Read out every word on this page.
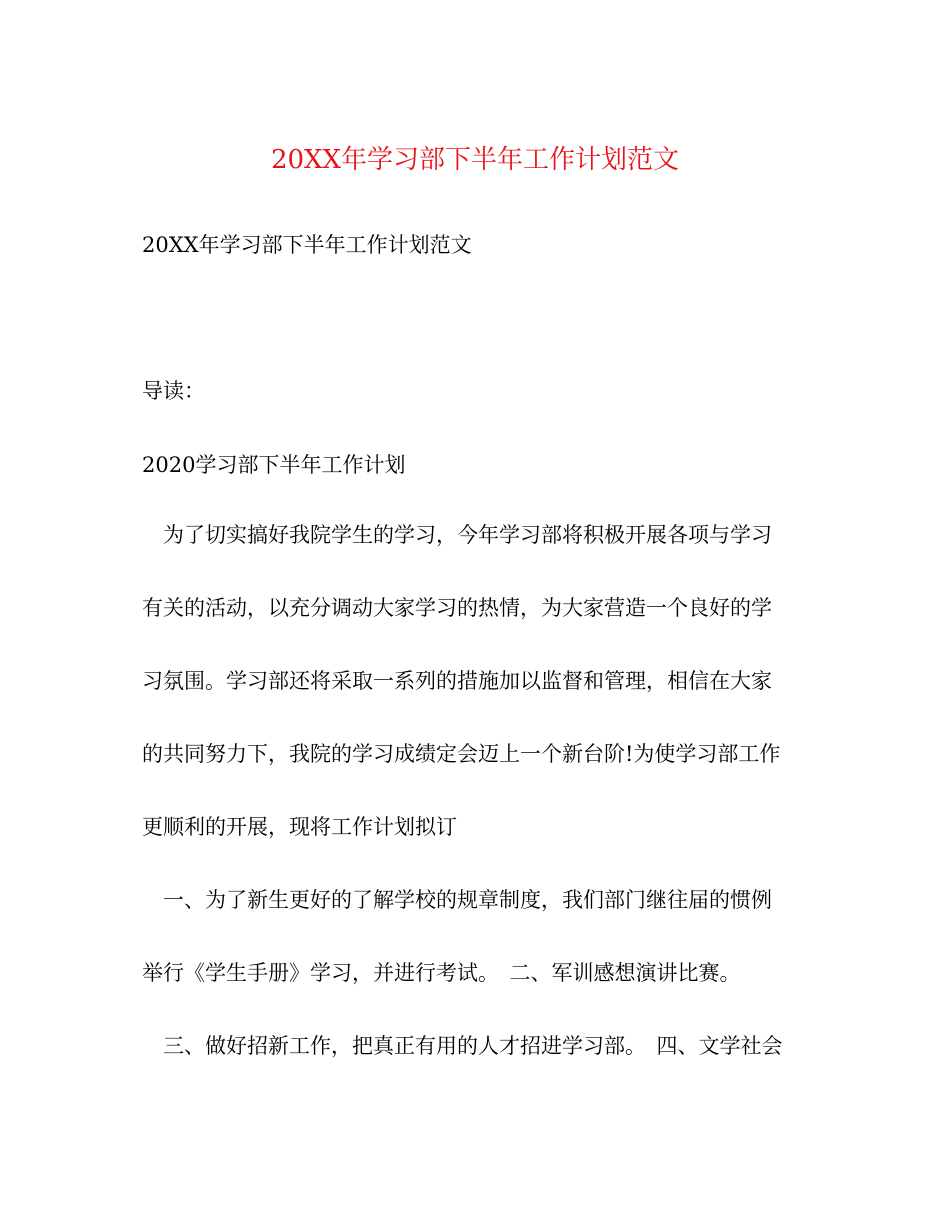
20XX年学习部下半年工作计划范文
20XX年学习部下半年工作计划范文
导读：
2020学习部下半年工作计划
　为了切实搞好我院学生的学习，今年学习部将积极开展各项与学习
有关的活动，以充分调动大家学习的热情，为大家营造一个良好的学
习氛围。学习部还将采取一系列的措施加以监督和管理，相信在大家
的共同努力下，我院的学习成绩定会迈上一个新台阶!为使学习部工作
更顺利的开展，现将工作计划拟订
　一、为了新生更好的了解学校的规章制度，我们部门继往届的惯例
举行《学生手册》学习，并进行考试。　二、军训感想演讲比赛。
　三、做好招新工作，把真正有用的人才招进学习部。　四、文学社会
